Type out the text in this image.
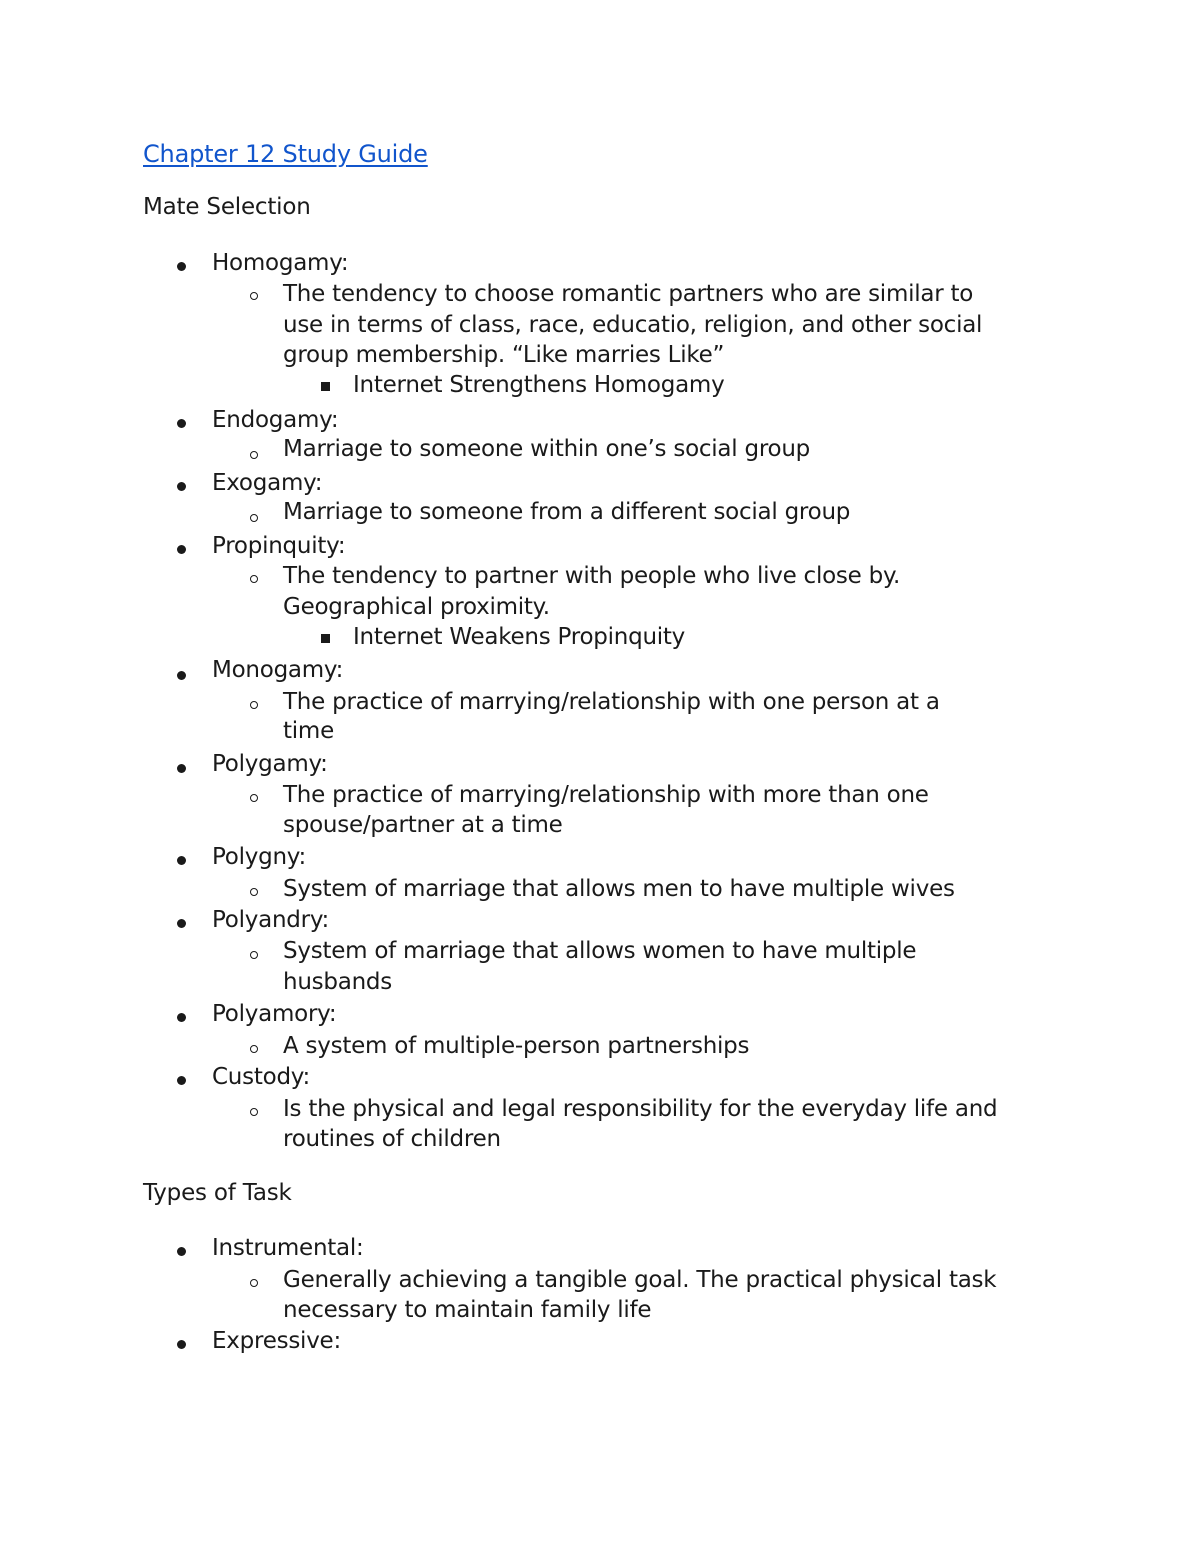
Chapter 12 Study Guide
Mate Selection
Homogamy:
The tendency to choose romantic partners who are similar to
use in terms of class, race, educatio, religion, and other social
group membership. “Like marries Like”
Internet Strengthens Homogamy
Endogamy:
Marriage to someone within one’s social group
Exogamy:
Marriage to someone from a different social group
Propinquity:
The tendency to partner with people who live close by.
Geographical proximity.
Internet Weakens Propinquity
Monogamy:
The practice of marrying/relationship with one person at a
time
Polygamy:
The practice of marrying/relationship with more than one
spouse/partner at a time
Polygny:
System of marriage that allows men to have multiple wives
Polyandry:
System of marriage that allows women to have multiple
husbands
Polyamory:
A system of multiple-person partnerships
Custody:
Is the physical and legal responsibility for the everyday life and
routines of children
Types of Task
Instrumental:
Generally achieving a tangible goal. The practical physical task
necessary to maintain family life
Expressive:
